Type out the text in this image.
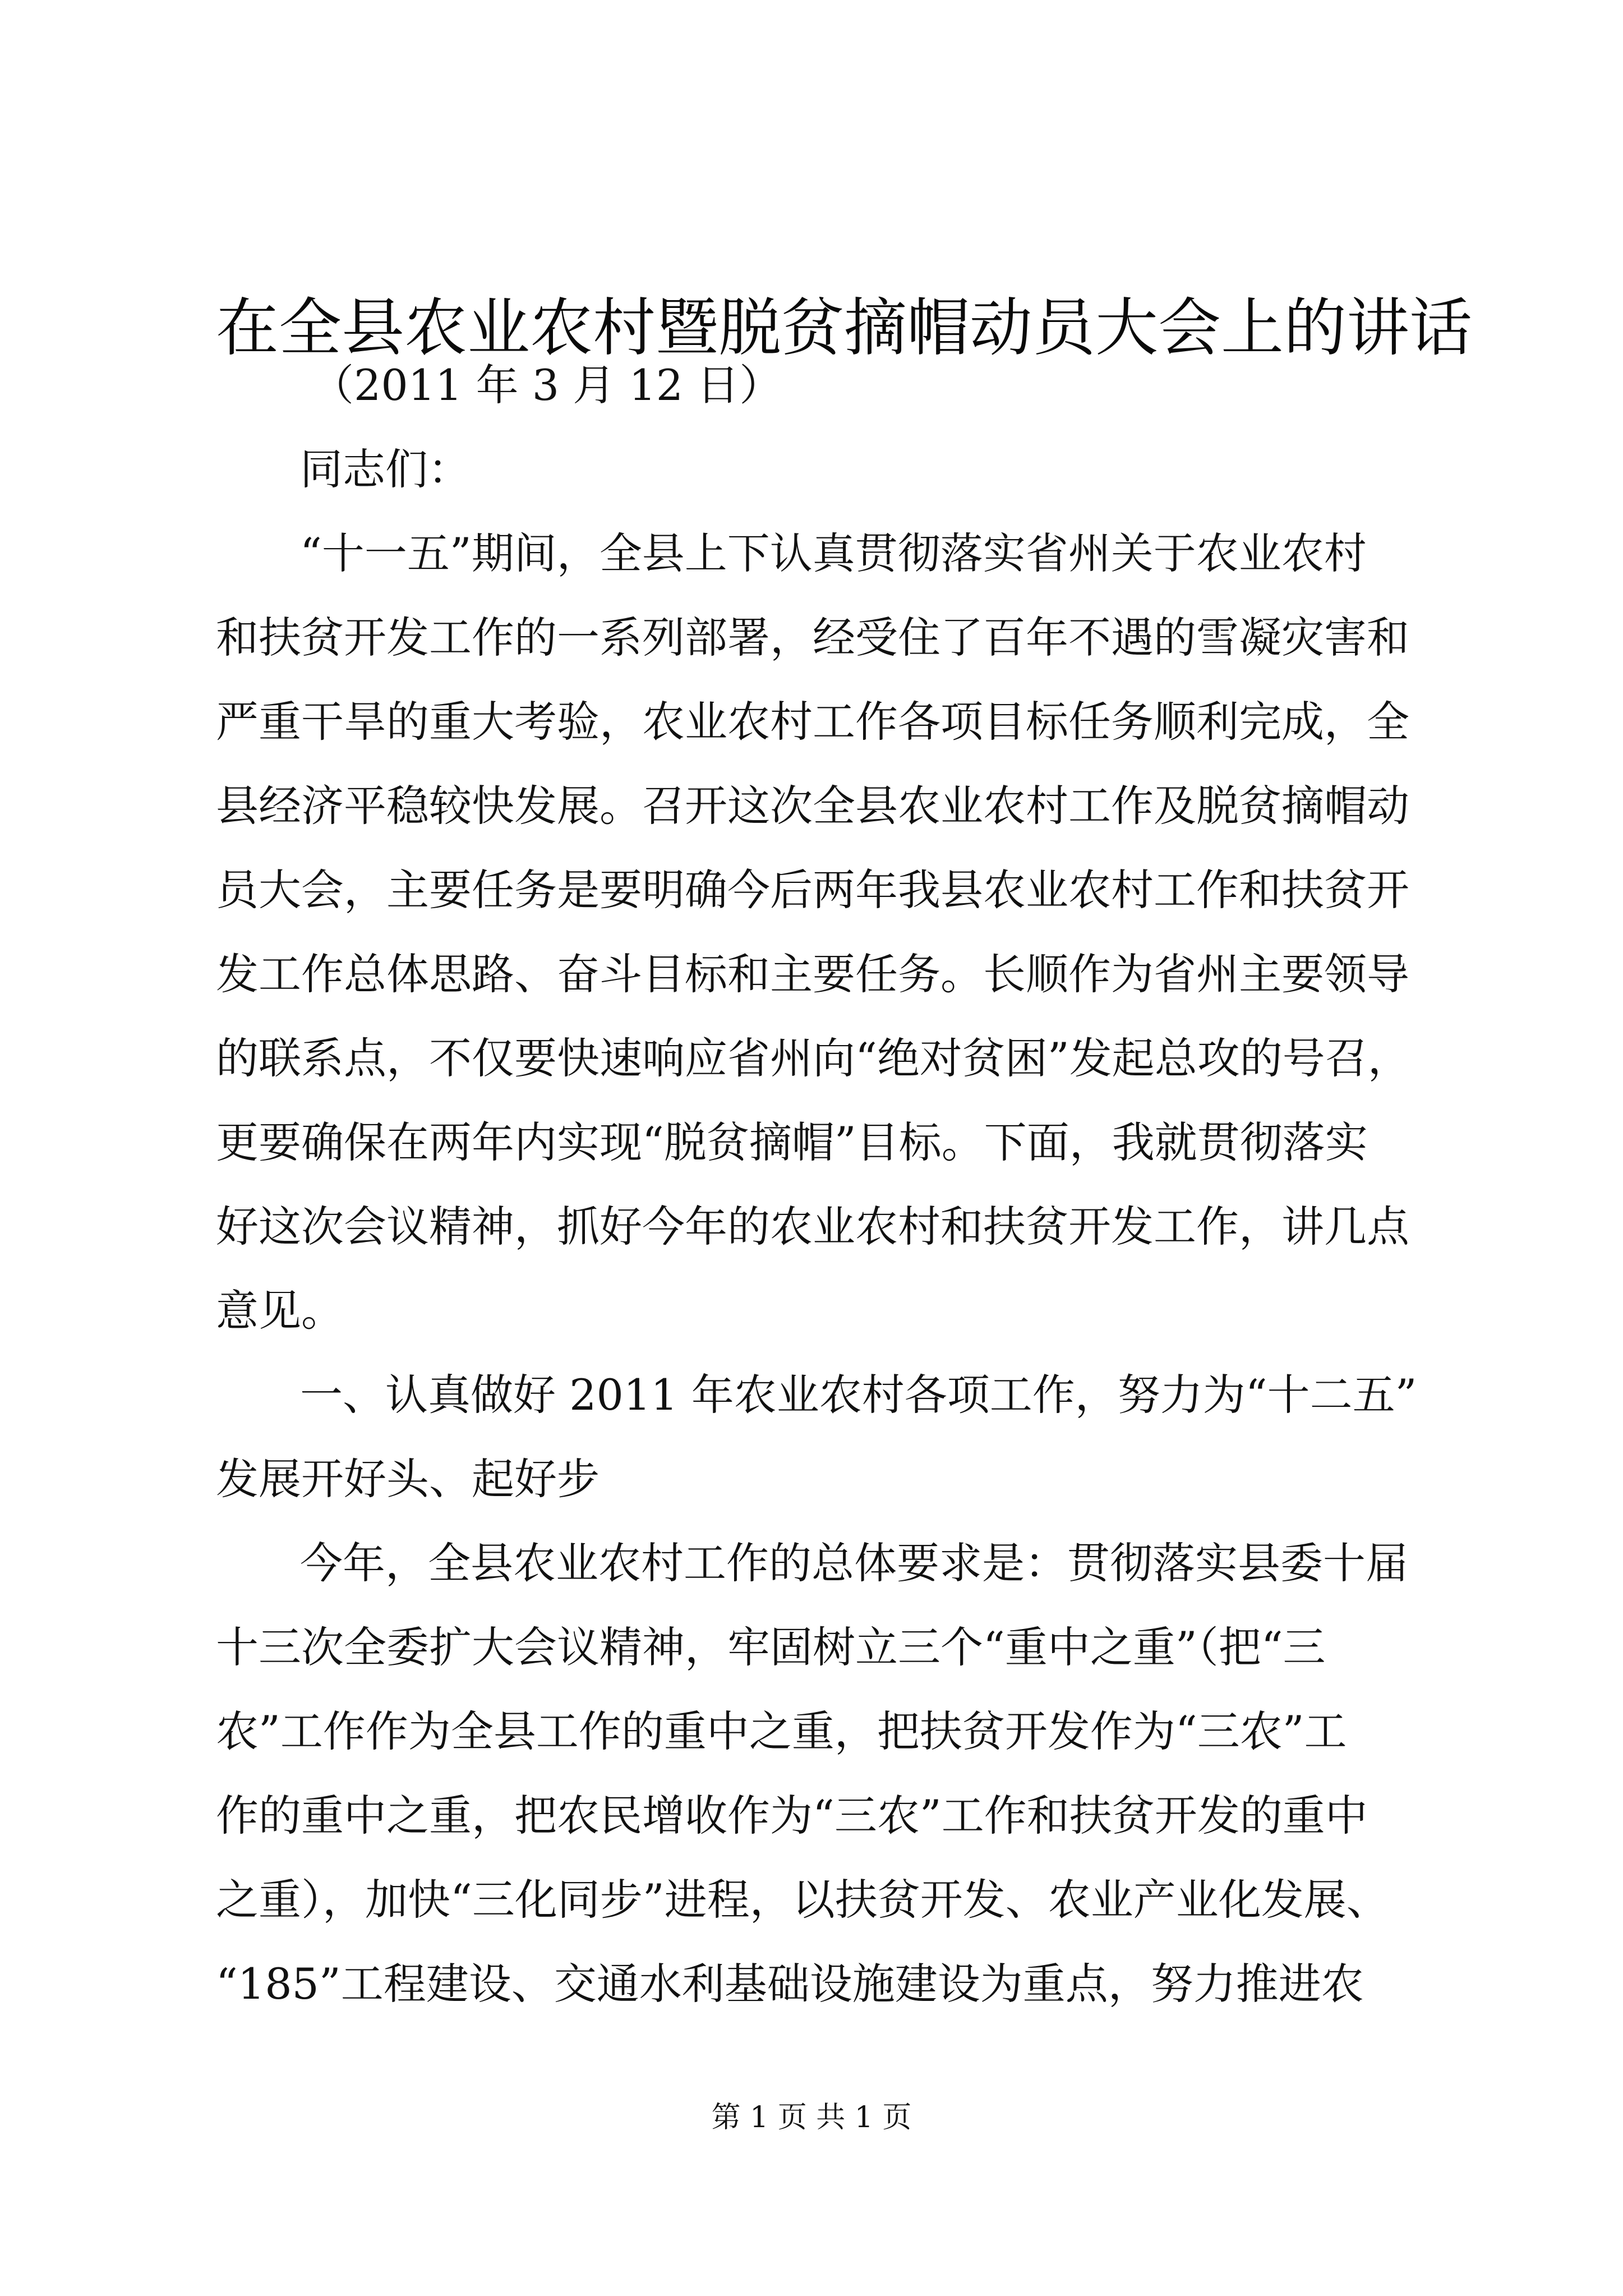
在全县农业农村暨脱贫摘帽动员大会上的讲话
（2011 年 3 月 12 日）
同志们：
“十一五”期间，全县上下认真贯彻落实省州关于农业农村
和扶贫开发工作的一系列部署，经受住了百年不遇的雪凝灾害和
严重干旱的重大考验，农业农村工作各项目标任务顺利完成，全
县经济平稳较快发展。召开这次全县农业农村工作及脱贫摘帽动
员大会，主要任务是要明确今后两年我县农业农村工作和扶贫开
发工作总体思路、奋斗目标和主要任务。长顺作为省州主要领导
的联系点，不仅要快速响应省州向“绝对贫困”发起总攻的号召，
更要确保在两年内实现“脱贫摘帽”目标。下面，我就贯彻落实
好这次会议精神，抓好今年的农业农村和扶贫开发工作，讲几点
意见。
一、认真做好 2011 年农业农村各项工作，努力为“十二五”
发展开好头、起好步
今年，全县农业农村工作的总体要求是：贯彻落实县委十届
十三次全委扩大会议精神，牢固树立三个“重中之重”（把“三
农”工作作为全县工作的重中之重，把扶贫开发作为“三农”工
作的重中之重，把农民增收作为“三农”工作和扶贫开发的重中
之重），加快“三化同步”进程，以扶贫开发、农业产业化发展、
“185”工程建设、交通水利基础设施建设为重点，努力推进农
第 1 页 共 1 页
